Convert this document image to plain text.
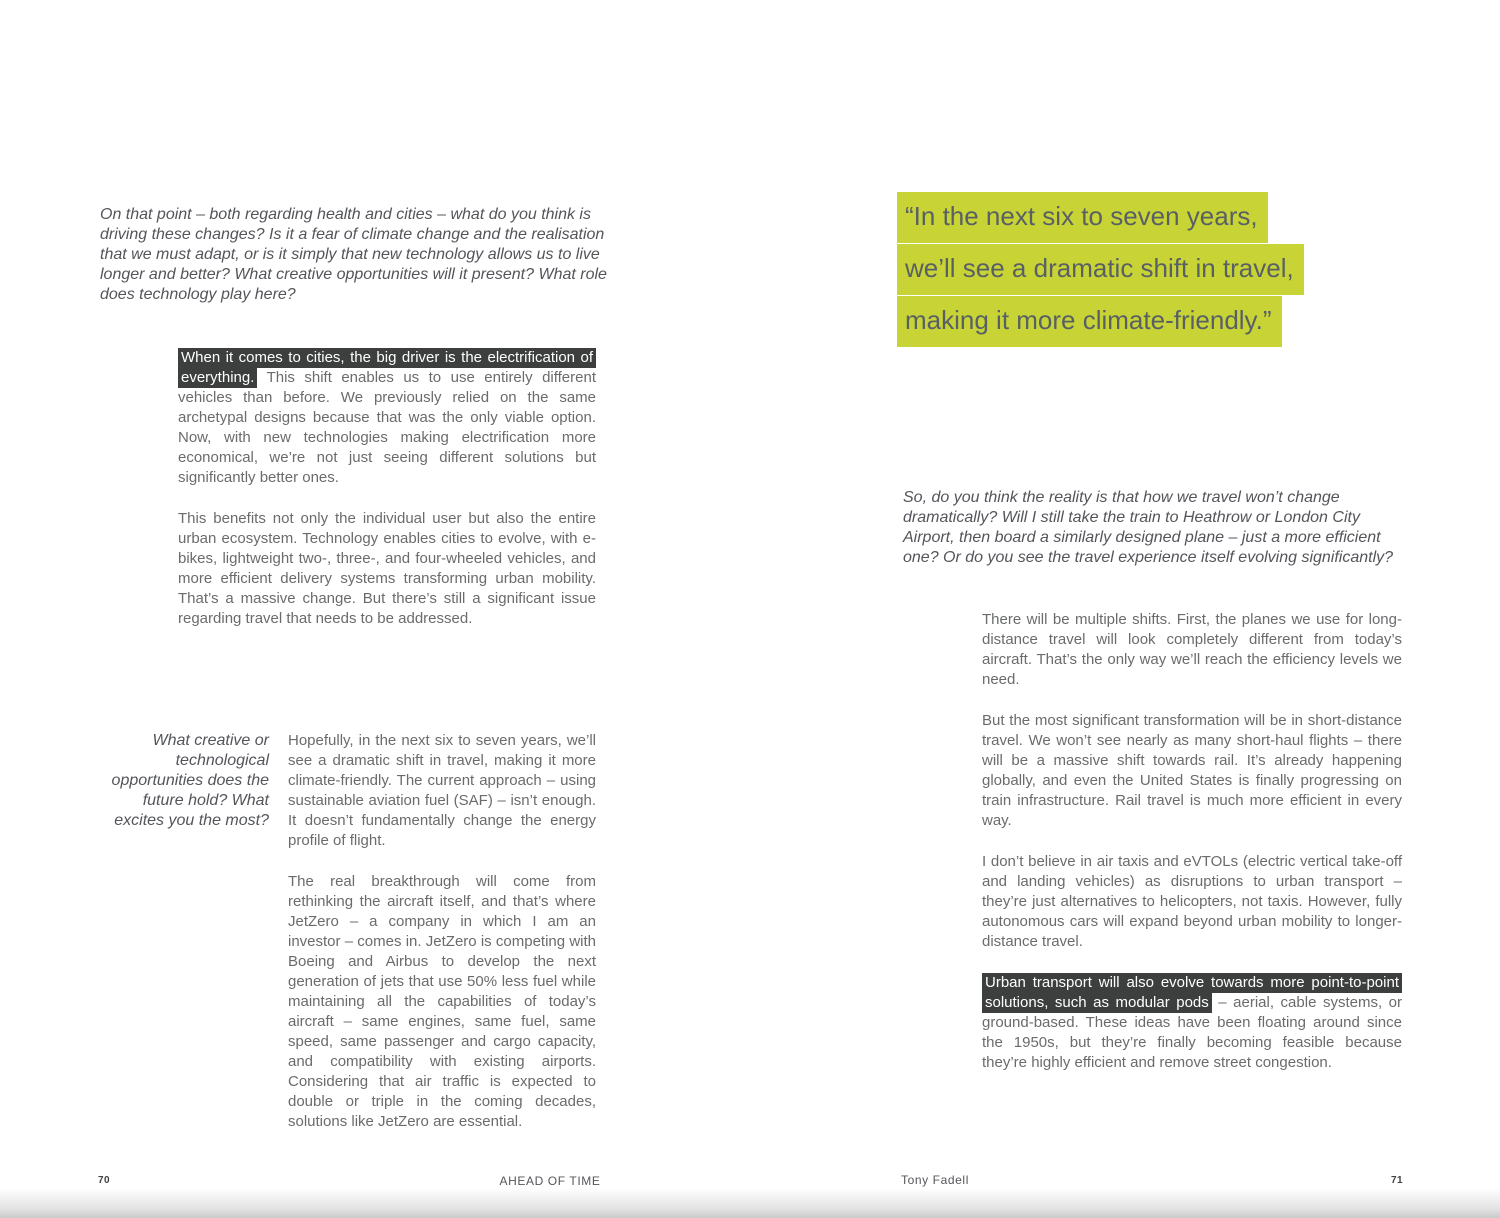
On that point – both regarding health and cities – what do you think is driving these changes? Is it a fear of climate change and the realisation that we must adapt, or is it simply that new technology allows us to live longer and better? What creative opportunities will it present? What role does technology play here?

When it comes to cities, the big driver is the electrification of everything. This shift enables us to use entirely different vehicles than before. We previously relied on the same archetypal designs because that was the only viable option. Now, with new technologies making electrification more economical, we’re not just seeing different solutions but significantly better ones.

This benefits not only the individual user but also the entire urban ecosystem. Technology enables cities to evolve, with e-bikes, lightweight two-, three-, and four-wheeled vehicles, and more efficient delivery systems transforming urban mobility. That’s a massive change. But there’s still a significant issue regarding travel that needs to be addressed.

What creative or technological opportunities does the future hold? What excites you the most?

Hopefully, in the next six to seven years, we’ll see a dramatic shift in travel, making it more climate-friendly. The current approach – using sustainable aviation fuel (SAF) – isn’t enough. It doesn’t fundamentally change the energy profile of flight.

The real breakthrough will come from rethinking the aircraft itself, and that’s where JetZero – a company in which I am an investor – comes in. JetZero is competing with Boeing and Airbus to develop the next generation of jets that use 50% less fuel while maintaining all the capabilities of today’s aircraft – same engines, same fuel, same speed, same passenger and cargo capacity, and compatibility with existing airports. Considering that air traffic is expected to double or triple in the coming decades, solutions like JetZero are essential.

70	AHEAD OF TIME
“In the next six to seven years,
we’ll see a dramatic shift in travel,
making it more climate-friendly.”
So, do you think the reality is that how we travel won’t change dramatically? Will I still take the train to Heathrow or London City Airport, then board a similarly designed plane – just a more efficient one? Or do you see the travel experience itself evolving significantly?

There will be multiple shifts. First, the planes we use for long-distance travel will look completely different from today’s aircraft. That’s the only way we’ll reach the efficiency levels we need.

But the most significant transformation will be in short-distance travel. We won’t see nearly as many short-haul flights – there will be a massive shift towards rail. It’s already happening globally, and even the United States is finally progressing on train infrastructure. Rail travel is much more efficient in every way.

I don’t believe in air taxis and eVTOLs (electric vertical take-off and landing vehicles) as disruptions to urban transport – they’re just alternatives to helicopters, not taxis. However, fully autonomous cars will expand beyond urban mobility to longer-distance travel.

Urban transport will also evolve towards more point-to-point solutions, such as modular pods – aerial, cable systems, or ground-based. These ideas have been floating around since the 1950s, but they’re finally becoming feasible because they’re highly efficient and remove street congestion.

Tony Fadell	71
